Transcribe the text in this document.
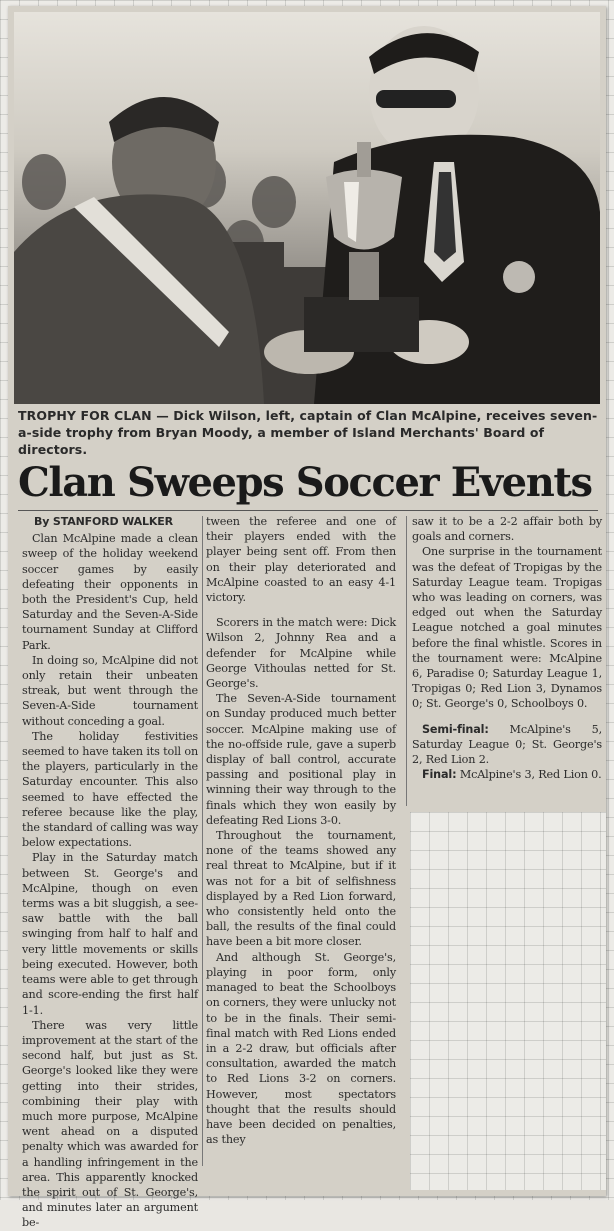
TROPHY FOR CLAN — Dick Wilson, left, captain of Clan McAlpine, receives seven-a-side trophy from Bryan Moody, a member of Island Merchants' Board of directors.
Clan Sweeps Soccer Events

By STANFORD WALKER

Clan McAlpine made a clean sweep of the holiday weekend soccer games by easily defeating their opponents in both the President's Cup, held Saturday and the Seven-A-Side tournament Sunday at Clifford Park.

In doing so, McAlpine did not only retain their unbeaten streak, but went through the Seven-A-Side tournament without conceding a goal.

The holiday festivities seemed to have taken its toll on the players, particularly in the Saturday encounter. This also seemed to have effected the referee because like the play, the standard of calling was way below expectations.

Play in the Saturday match between St. George's and McAlpine, though on even terms was a bit sluggish, a see-saw battle with the ball swinging from half to half and very little movements or skills being executed. However, both teams were able to get through and score-ending the first half 1-1.

There was very little improvement at the start of the second half, but just as St. George's looked like they were getting into their strides, combining their play with much more purpose, McAlpine went ahead on a disputed penalty which was awarded for a handling infringement in the area. This apparently knocked the spirit out of St. George's, and minutes later an argument be-

tween the referee and one of their players ended with the player being sent off. From then on their play deteriorated and McAlpine coasted to an easy 4-1 victory.

Scorers in the match were: Dick Wilson 2, Johnny Rea and a defender for McAlpine while George Vithoulas netted for St. George's.

The Seven-A-Side tournament on Sunday produced much better soccer. McAlpine making use of the no-offside rule, gave a superb display of ball control, accurate passing and positional play in winning their way through to the finals which they won easily by defeating Red Lions 3-0.

Throughout the tournament, none of the teams showed any real threat to McAlpine, but if it was not for a bit of selfishness displayed by a Red Lion forward, who consistently held onto the ball, the results of the final could have been a bit more closer.

And although St. George's, playing in poor form, only managed to beat the Schoolboys on corners, they were unlucky not to be in the finals. Their semi-final match with Red Lions ended in a 2-2 draw, but officials after consultation, awarded the match to Red Lions 3-2 on corners. However, most spectators thought that the results should have been decided on penalties, as they

saw it to be a 2-2 affair both by goals and corners.

One surprise in the tournament was the defeat of Tropigas by the Saturday League team. Tropigas who was leading on corners, was edged out when the Saturday League notched a goal minutes before the final whistle. Scores in the tournament were: McAlpine 6, Paradise 0; Saturday League 1, Tropigas 0; Red Lion 3, Dynamos 0; St. George's 0, Schoolboys 0.

Semi-final: McAlpine's 5, Saturday League 0; St. George's 2, Red Lion 2.

Final: McAlpine's 3, Red Lion 0.
